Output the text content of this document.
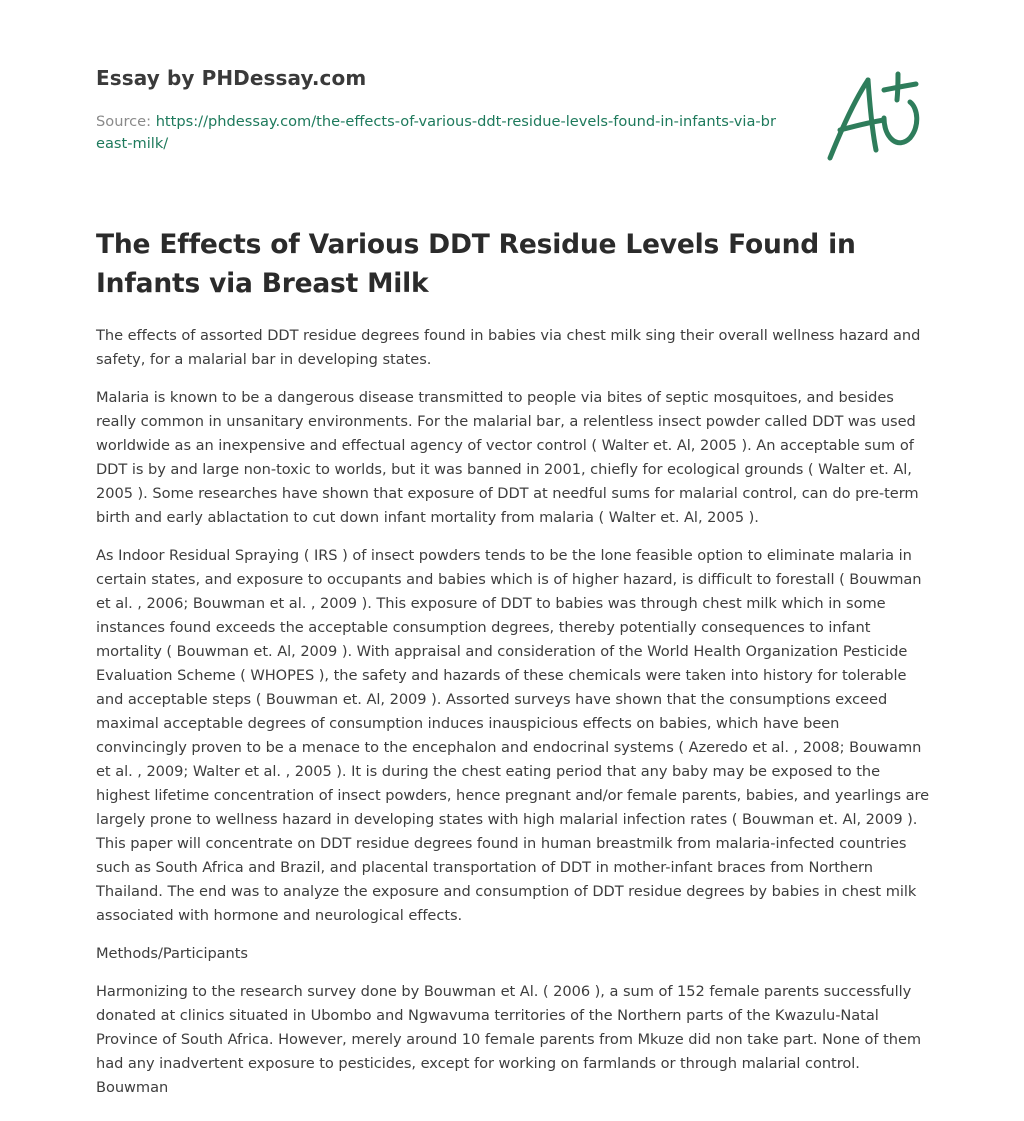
Essay by PHDessay.com
Source: https://phdessay.com/the-effects-of-various-ddt-residue-levels-found-in-infants-via-breast-milk/
The Effects of Various DDT Residue Levels Found in Infants via Breast Milk

The effects of assorted DDT residue degrees found in babies via chest milk sing their overall wellness hazard and safety, for a malarial bar in developing states.

Malaria is known to be a dangerous disease transmitted to people via bites of septic mosquitoes, and besides really common in unsanitary environments. For the malarial bar, a relentless insect powder called DDT was used worldwide as an inexpensive and effectual agency of vector control ( Walter et. Al, 2005 ). An acceptable sum of DDT is by and large non-toxic to worlds, but it was banned in 2001, chiefly for ecological grounds ( Walter et. Al, 2005 ). Some researches have shown that exposure of DDT at needful sums for malarial control, can do pre-term birth and early ablactation to cut down infant mortality from malaria ( Walter et. Al, 2005 ).

As Indoor Residual Spraying ( IRS ) of insect powders tends to be the lone feasible option to eliminate malaria in certain states, and exposure to occupants and babies which is of higher hazard, is difficult to forestall ( Bouwman et al. , 2006; Bouwman et al. , 2009 ). This exposure of DDT to babies was through chest milk which in some instances found exceeds the acceptable consumption degrees, thereby potentially consequences to infant mortality ( Bouwman et. Al, 2009 ). With appraisal and consideration of the World Health Organization Pesticide Evaluation Scheme ( WHOPES ), the safety and hazards of these chemicals were taken into history for tolerable and acceptable steps ( Bouwman et. Al, 2009 ). Assorted surveys have shown that the consumptions exceed maximal acceptable degrees of consumption induces inauspicious effects on babies, which have been convincingly proven to be a menace to the encephalon and endocrinal systems ( Azeredo et al. , 2008; Bouwamn et al. , 2009; Walter et al. , 2005 ). It is during the chest eating period that any baby may be exposed to the highest lifetime concentration of insect powders, hence pregnant and/or female parents, babies, and yearlings are largely prone to wellness hazard in developing states with high malarial infection rates ( Bouwman et. Al, 2009 ). This paper will concentrate on DDT residue degrees found in human breastmilk from malaria-infected countries such as South Africa and Brazil, and placental transportation of DDT in mother-infant braces from Northern Thailand. The end was to analyze the exposure and consumption of DDT residue degrees by babies in chest milk associated with hormone and neurological effects.

Methods/Participants

Harmonizing to the research survey done by Bouwman et Al. ( 2006 ), a sum of 152 female parents successfully donated at clinics situated in Ubombo and Ngwavuma territories of the Northern parts of the Kwazulu-Natal Province of South Africa. However, merely around 10 female parents from Mkuze did non take part. None of them had any inadvertent exposure to pesticides, except for working on farmlands or through malarial control. Bouwman
